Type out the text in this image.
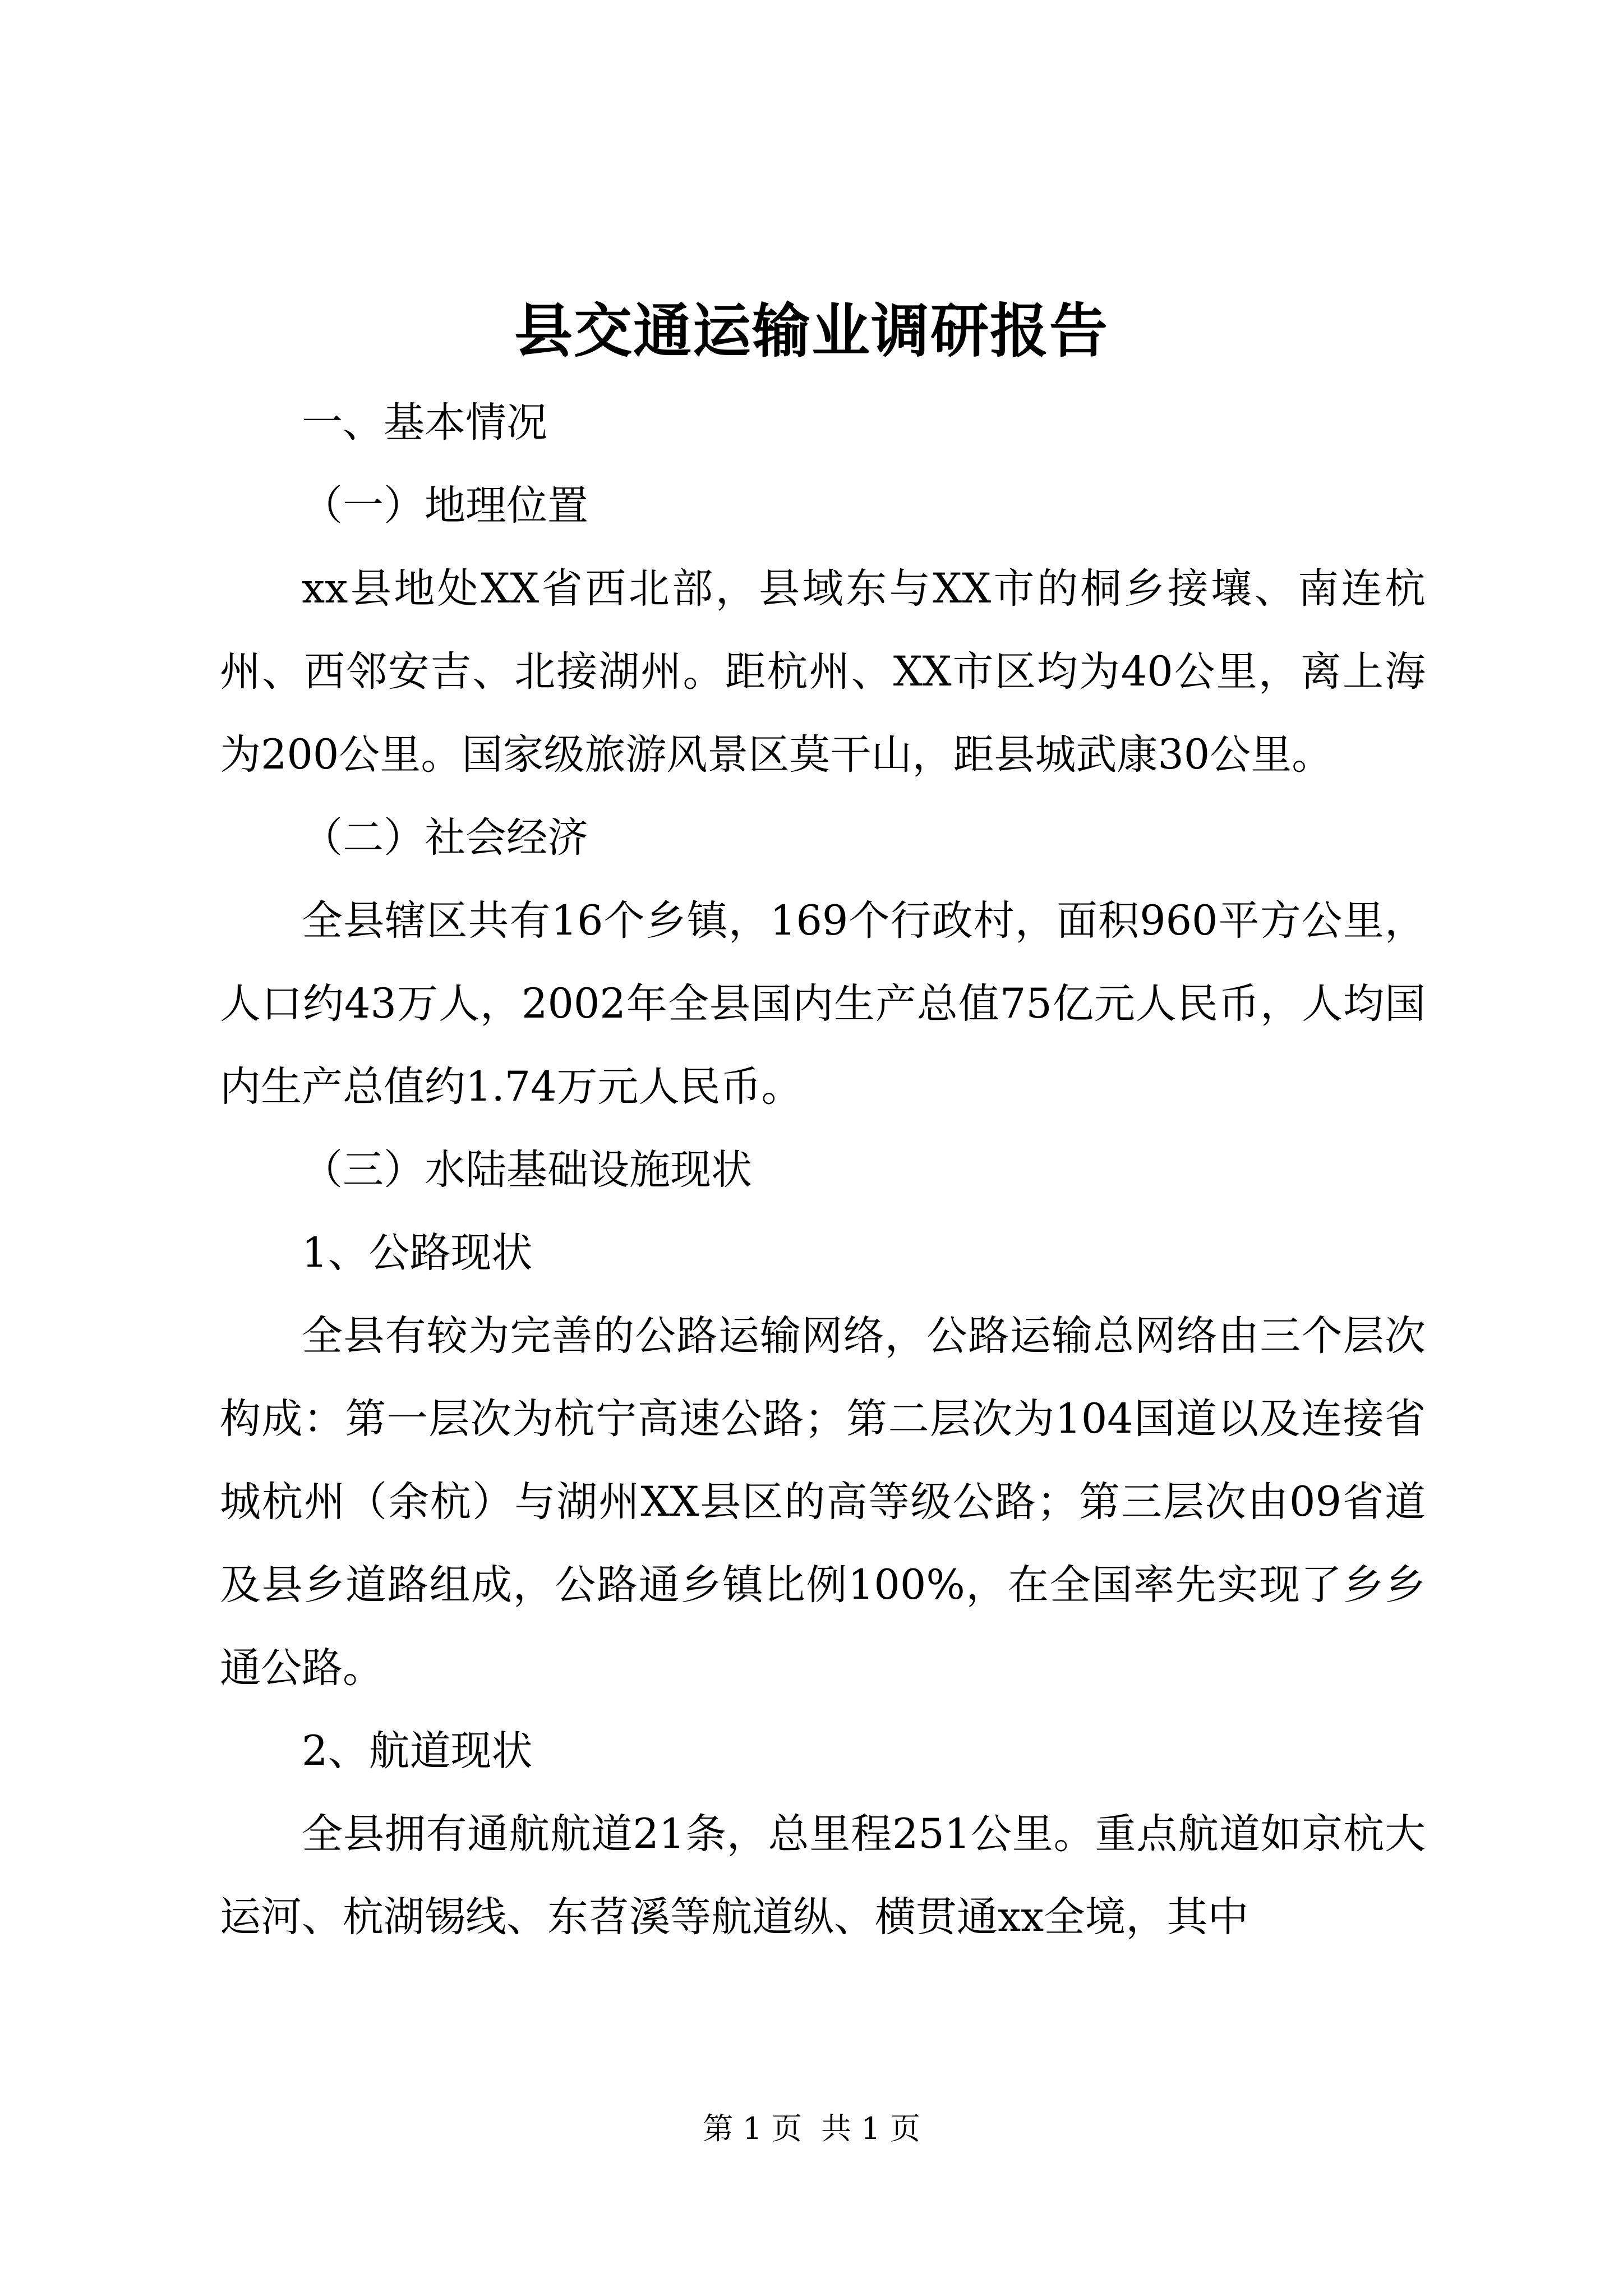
县交通运输业调研报告

一、基本情况

（一）地理位置

xx县地处XX省西北部，县域东与XX市的桐乡接壤、南连杭州、西邻安吉、北接湖州。距杭州、XX市区均为40公里，离上海为200公里。国家级旅游风景区莫干山，距县城武康30公里。

（二）社会经济

全县辖区共有16个乡镇，169个行政村，面积960平方公里，人口约43万人，2002年全县国内生产总值75亿元人民币，人均国内生产总值约1.74万元人民币。

（三）水陆基础设施现状

1、公路现状

全县有较为完善的公路运输网络，公路运输总网络由三个层次构成：第一层次为杭宁高速公路；第二层次为104国道以及连接省城杭州（余杭）与湖州XX县区的高等级公路；第三层次由09省道及县乡道路组成，公路通乡镇比例100%，在全国率先实现了乡乡通公路。

2、航道现状

全县拥有通航航道21条，总里程251公里。重点航道如京杭大运河、杭湖锡线、东苕溪等航道纵、横贯通xx全境，其中

第 1 页  共 1 页
